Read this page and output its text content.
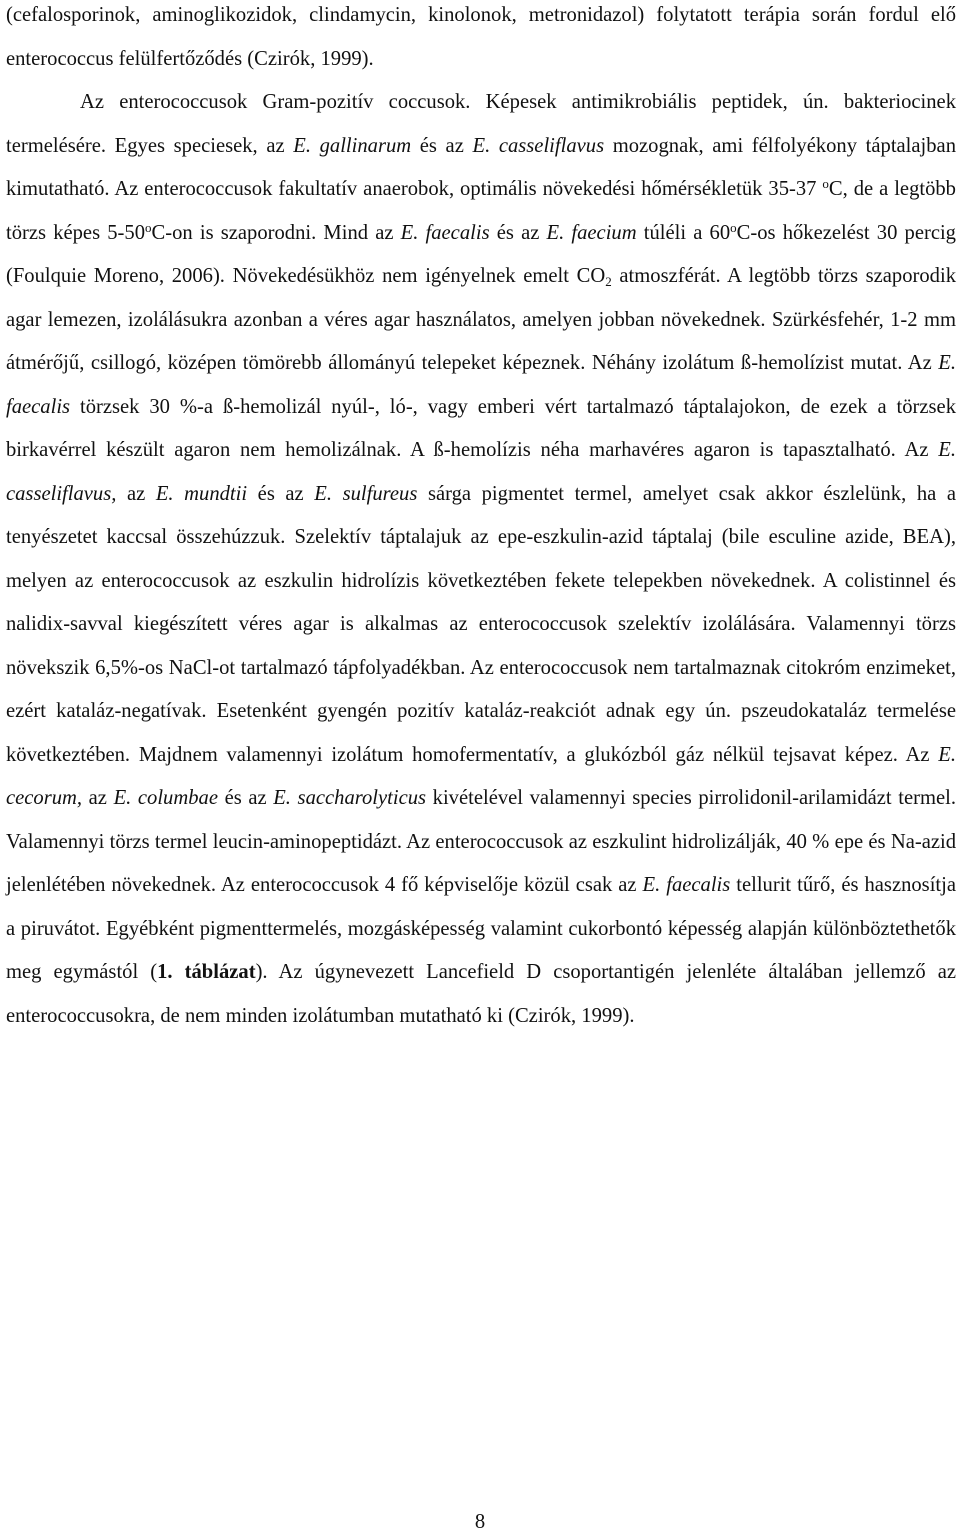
(cefalosporinok, aminoglikozidok, clindamycin, kinolonok, metronidazol) folytatott terápia során fordul elő enterococcus felülfertőződés (Czirók, 1999).

Az enterococcusok Gram-pozitív coccusok. Képesek antimikrobiális peptidek, ún. bakteriocinek termelésére. Egyes speciesek, az E. gallinarum és az E. casseliflavus mozognak, ami félfolyékony táptalajban kimutatható. Az enterococcusok fakultatív anaerobok, optimális növekedési hőmérsékletük 35-37 $^o$C, de a legtöbb törzs képes 5-50$^o$C-on is szaporodni. Mind az E. faecalis és az E. faecium túléli a 60$^o$C-os hőkezelést 30 percig (Foulquie Moreno, 2006). Növekedésükhöz nem igényelnek emelt $CO_2$ atmoszférát. A legtöbb törzs szaporodik agar lemezen, izolálásukra azonban a véres agar használatos, amelyen jobban növekednek. Szürkésfehér, 1-2 mm átmérőjű, csillogó, középen tömörebb állományú telepeket képeznek. Néhány izolátum ß-hemolízist mutat. Az E. faecalis törzsek 30 %-a ß-hemolizál nyúl-, ló-, vagy emberi vért tartalmazó táptalajokon, de ezek a törzsek birkavérrel készült agaron nem hemolizálnak. A ß-hemolízis néha marhavéres agaron is tapasztalható. Az E. casseliflavus, az E. mundtii és az E. sulfureus sárga pigmentet termel, amelyet csak akkor észlelünk, ha a tenyészetet kaccsal összehúzzuk. Szelektív táptalajuk az epe-eszkulin-azid táptalaj (bile esculine azide, BEA), melyen az enterococcusok az eszkulin hidrolízis következtében fekete telepekben növekednek. A colistinnel és nalidix-savval kiegészített véres agar is alkalmas az enterococcusok szelektív izolálására. Valamennyi törzs növekszik 6,5%-os NaCl-ot tartalmazó tápfolyadékban. Az enterococcusok nem tartalmaznak citokróm enzimeket, ezért kataláz-negatívak. Esetenként gyengén pozitív kataláz-reakciót adnak egy ún. pszeudokataláz termelése következtében. Majdnem valamennyi izolátum homofermentatív, a glukózból gáz nélkül tejsavat képez. Az E. cecorum, az E. columbae és az E. saccharolyticus kivételével valamennyi species pirrolidonil-arilamidázt termel. Valamennyi törzs termel leucin-aminopeptidázt. Az enterococcusok az eszkulint hidrolizálják, 40 % epe és Na-azid jelenlétében növekednek. Az enterococcusok 4 fő képviselője közül csak az E. faecalis tellurit tűrő, és hasznosítja a piruvátot. Egyébként pigmenttermelés, mozgásképesség valamint cukorbontó képesség alapján különböztethetők meg egymástól (1. táblázat). Az úgynevezett Lancefield D csoportantigén jelenléte általában jellemző az enterococcusokra, de nem minden izolátumban mutatható ki (Czirók, 1999).

8
